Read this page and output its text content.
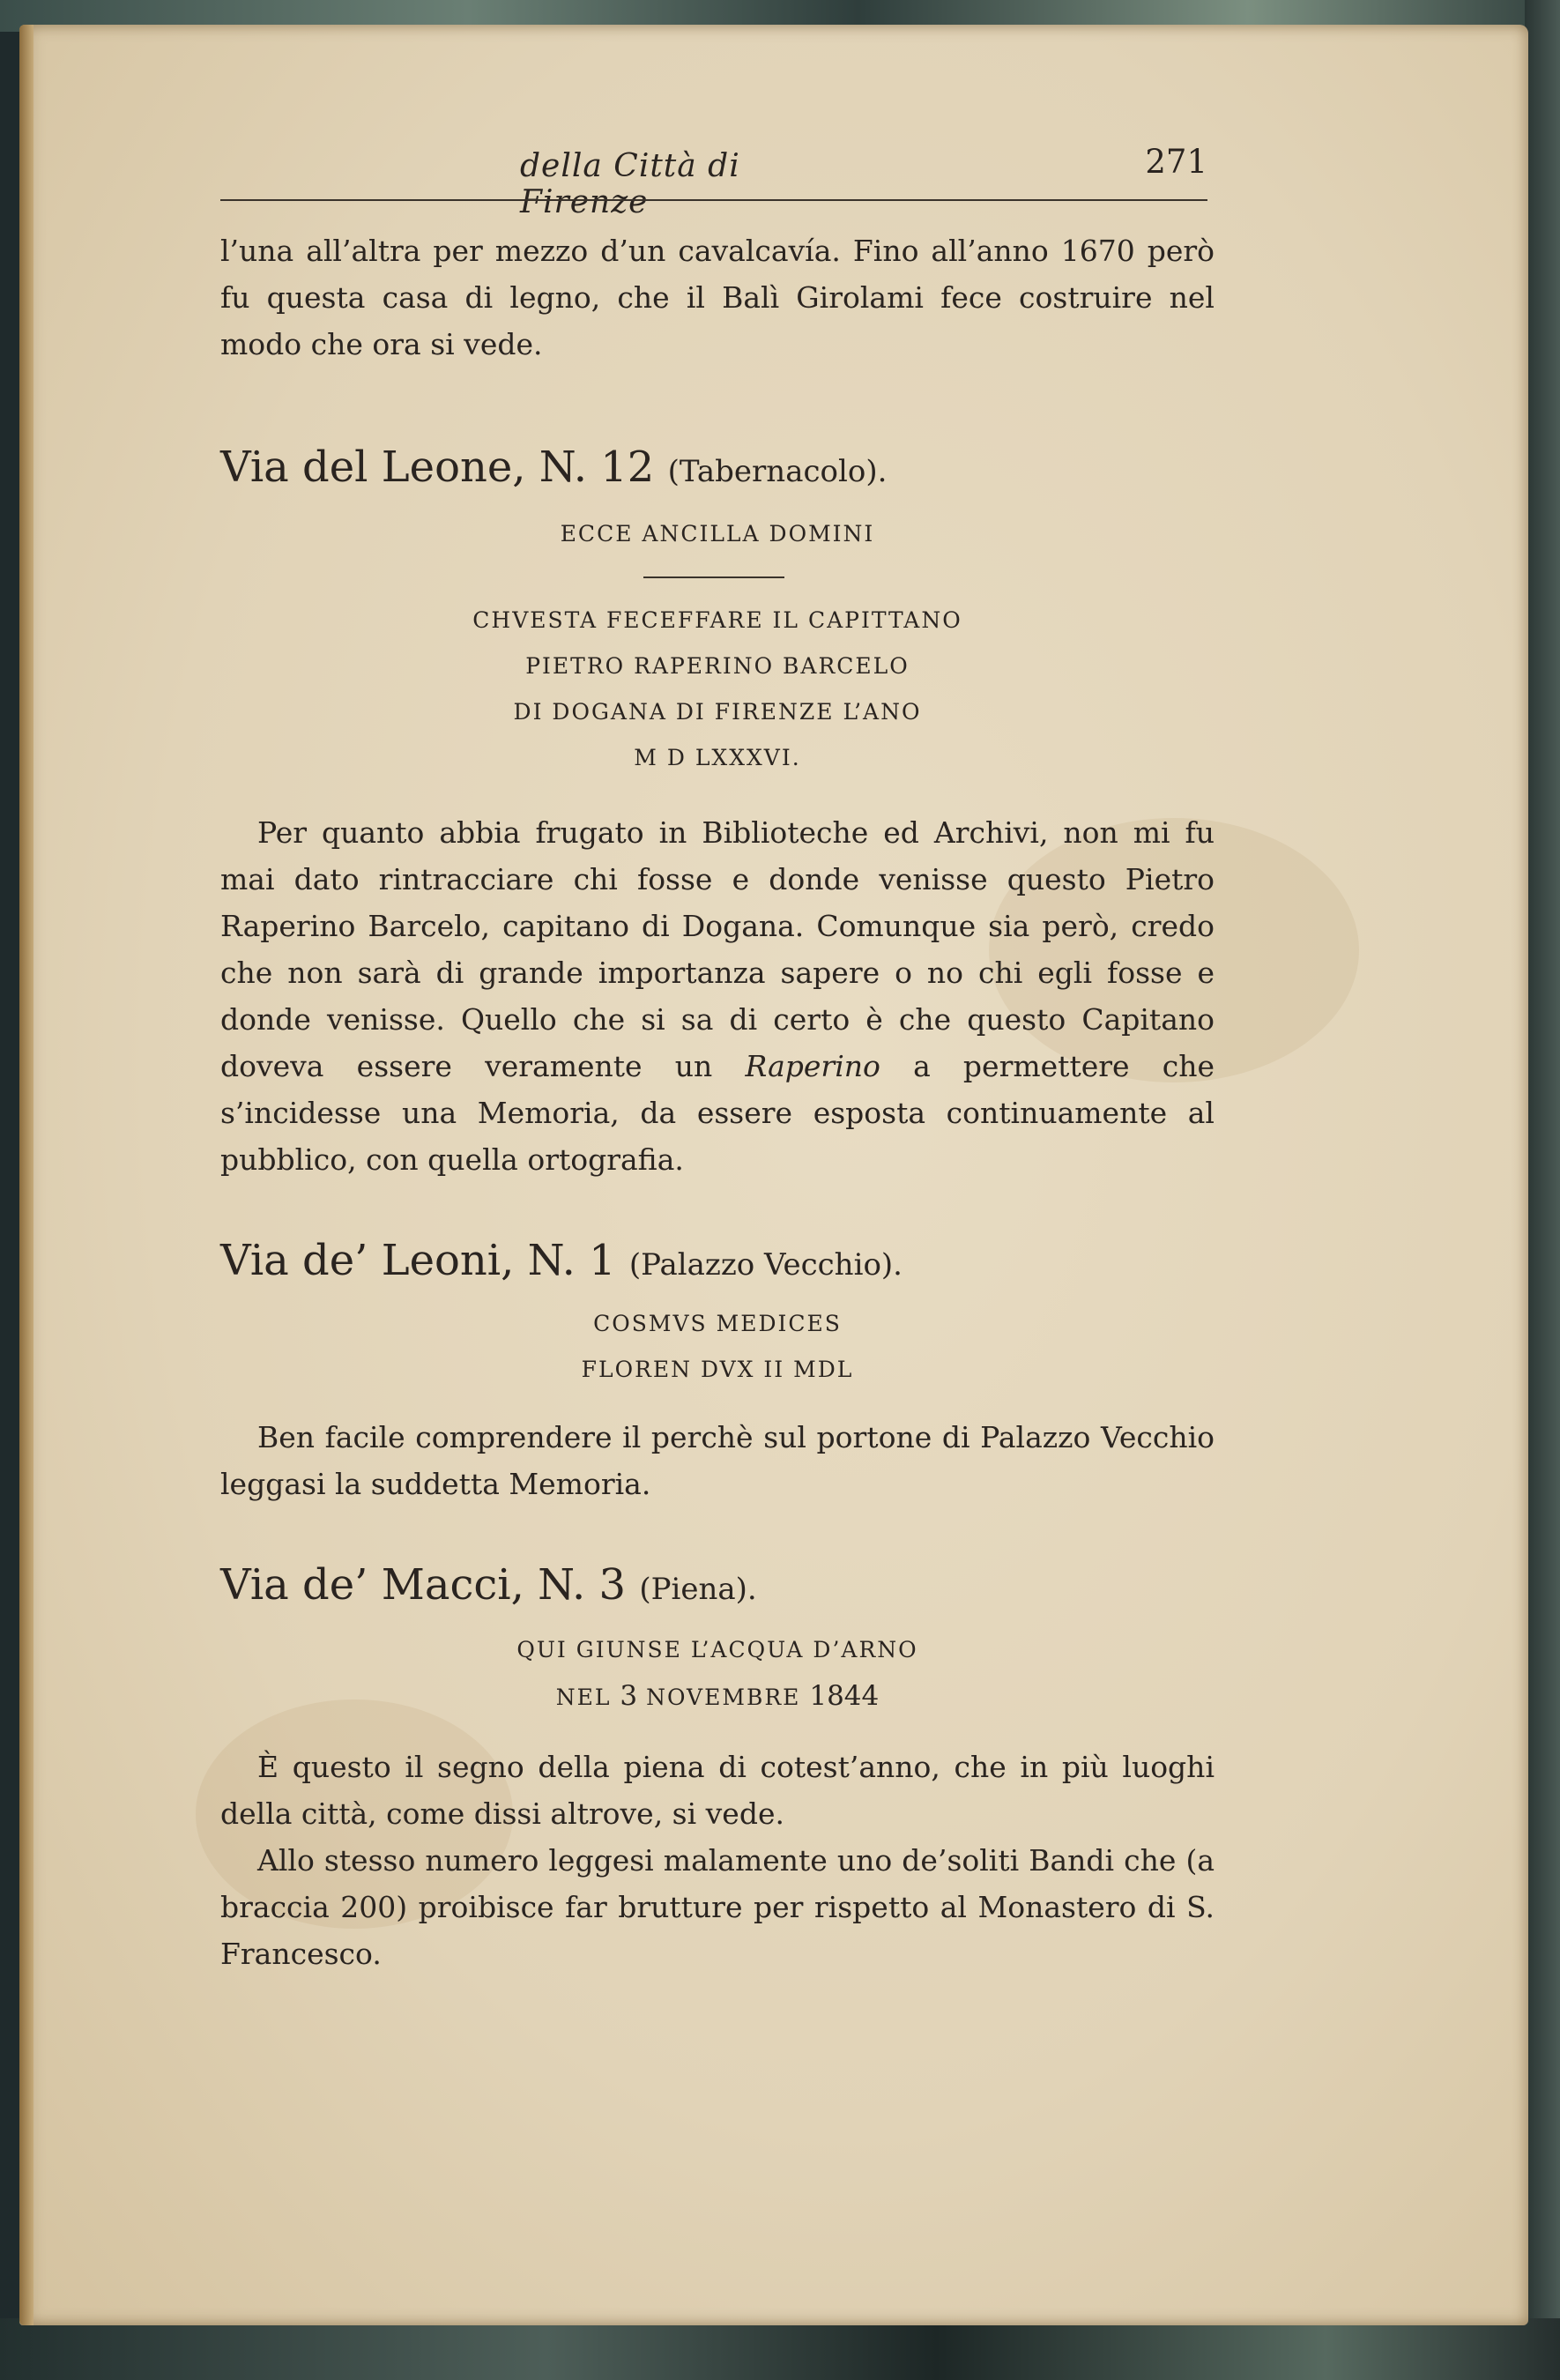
della Città di Firenze
271

l’una all’altra per mezzo d’un cavalcavía. Fino all’anno 1670 però fu questa casa di legno, che il Balì Girolami fece costruire nel modo che ora si vede.

Via del Leone, N. 12 (Tabernacolo).
ECCE ANCILLA DOMINI
CHVESTA FECEFFARE IL CAPITTANO
PIETRO RAPERINO BARCELO
DI DOGANA DI FIRENZE L’ANO
M D LXXXVI.

Per quanto abbia frugato in Biblioteche ed Archivi, non mi fu mai dato rintracciare chi fosse e donde venisse questo Pietro Raperino Barcelo, capitano di Dogana. Comunque sia però, credo che non sarà di grande importanza sapere o no chi egli fosse e donde venisse. Quello che si sa di certo è che questo Capitano doveva essere veramente un Raperino a permettere che s’incidesse una Memoria, da essere esposta continuamente al pubblico, con quella ortografia.

Via de’ Leoni, N. 1 (Palazzo Vecchio).
COSMVS MEDICES
FLOREN DVX II MDL

Ben facile comprendere il perchè sul portone di Palazzo Vecchio leggasi la suddetta Memoria.

Via de’ Macci, N. 3 (Piena).
QUI GIUNSE L’ACQUA D’ARNO
NEL 3 NOVEMBRE 1844

È questo il segno della piena di cotest’anno, che in più luoghi della città, come dissi altrove, si vede.

Allo stesso numero leggesi malamente uno de’soliti Bandi che (a braccia 200) proibisce far brutture per rispetto al Monastero di S. Francesco.
